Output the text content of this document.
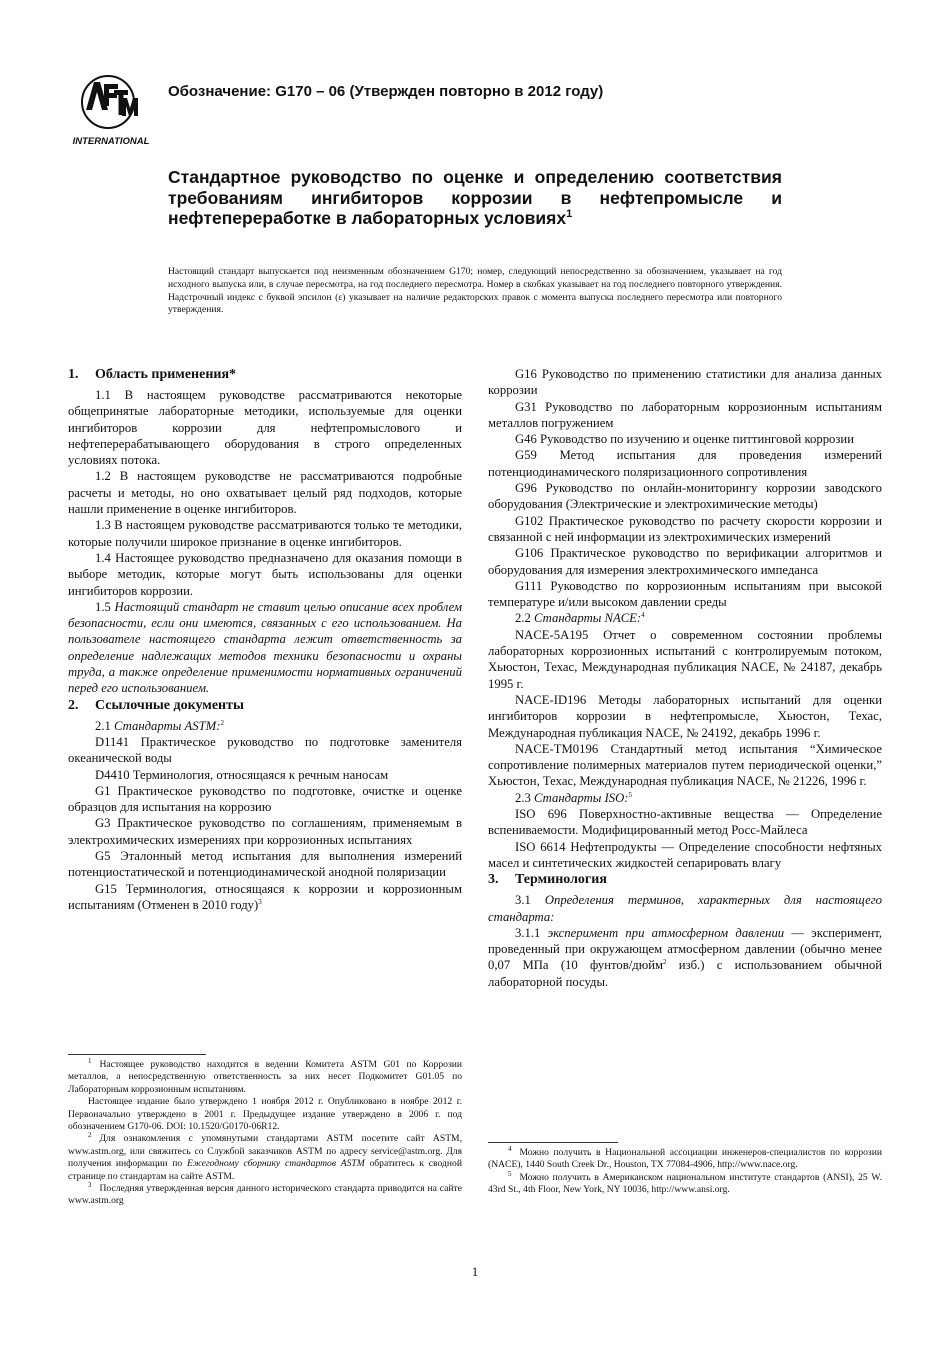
INTERNATIONAL
Обозначение: G170 – 06 (Утвержден повторно в 2012 году)
Стандартное руководство по оценке и определению соответствия требованиям ингибиторов коррозии в нефтепромысле и нефтепереработке в лабораторных условиях$^1$
Настоящий стандарт выпускается под неизменным обозначением G170; номер, следующий непосредственно за обозначением, указывает на год исходного выпуска или, в случае пересмотра, на год последнего пересмотра. Номер в скобках указывает на год последнего повторного утверждения. Надстрочный индекс с буквой эпсилон (ε) указывает на наличие редакторских правок с момента выпуска последнего пересмотра или повторного утверждения.
1. Область применения*
1.1 В настоящем руководстве рассматриваются некоторые общепринятые лабораторные методики, используемые для оценки ингибиторов коррозии для нефтепромыслового и нефтеперерабатывающего оборудования в строго определенных условиях потока.
1.2 В настоящем руководстве не рассматриваются подробные расчеты и методы, но оно охватывает целый ряд подходов, которые нашли применение в оценке ингибиторов.
1.3 В настоящем руководстве рассматриваются только те методики, которые получили широкое признание в оценке ингибиторов.
1.4 Настоящее руководство предназначено для оказания помощи в выборе методик, которые могут быть использованы для оценки ингибиторов коррозии.
1.5 Настоящий стандарт не ставит целью описание всех проблем безопасности, если они имеются, связанных с его использованием. На пользователе настоящего стандарта лежит ответственность за определение надлежащих методов техники безопасности и охраны труда, а также определение применимости нормативных ограничений перед его использованием.
2. Ссылочные документы
2.1 Стандарты ASTM:$^2$
D1141 Практическое руководство по подготовке заменителя океанической воды
D4410 Терминология, относящаяся к речным наносам
G1 Практическое руководство по подготовке, очистке и оценке образцов для испытания на коррозию
G3 Практическое руководство по соглашениям, применяемым в электрохимических измерениях при коррозионных испытаниях
G5 Эталонный метод испытания для выполнения измерений потенциостатической и потенциодинамической анодной поляризации
G15 Терминология, относящаяся к коррозии и коррозионным испытаниям (Отменен в 2010 году)$^3$
G16 Руководство по применению статистики для анализа данных коррозии
G31 Руководство по лабораторным коррозионным испытаниям металлов погружением
G46 Руководство по изучению и оценке питтинговой коррозии
G59 Метод испытания для проведения измерений потенциодинамического поляризационного сопротивления
G96 Руководство по онлайн-мониторингу коррозии заводского оборудования (Электрические и электрохимические методы)
G102 Практическое руководство по расчету скорости коррозии и связанной с ней информации из электрохимических измерений
G106 Практическое руководство по верификации алгоритмов и оборудования для измерения электрохимического импеданса
G111 Руководство по коррозионным испытаниям при высокой температуре и/или высоком давлении среды
2.2 Стандарты NACE:$^4$
NACE-5A195 Отчет о современном состоянии проблемы лабораторных коррозионных испытаний с контролируемым потоком, Хьюстон, Техас, Международная публикация NACE, № 24187, декабрь 1995 г.
NACE-ID196 Методы лабораторных испытаний для оценки ингибиторов коррозии в нефтепромысле, Хьюстон, Техас, Международная публикация NACE, № 24192, декабрь 1996 г.
NACE-TM0196 Стандартный метод испытания “Химическое сопротивление полимерных материалов путем периодической оценки,” Хьюстон, Техас, Международная публикация NACE, № 21226, 1996 г.
2.3 Стандарты ISO:$^5$
ISO 696 Поверхностно-активные вещества — Определение вспениваемости. Модифицированный метод Росс-Майлеса
ISO 6614 Нефтепродукты — Определение способности нефтяных масел и синтетических жидкостей сепарировать влагу
3. Терминология
3.1 Определения терминов, характерных для настоящего стандарта:
3.1.1 эксперимент при атмосферном давлении — эксперимент, проведенный при окружающем атмосферном давлении (обычно менее 0,07 МПа (10 фунтов/дюйм$^2$ изб.) с использованием обычной лабораторной посуды.
$^1$ Настоящее руководство находится в ведении Комитета ASTM G01 по Коррозии металлов, а непосредственную ответственность за них несет Подкомитет G01.05 по Лабораторным коррозионным испытаниям.
Настоящее издание было утверждено 1 ноября 2012 г. Опубликовано в ноябре 2012 г. Первоначально утверждено в 2001 г. Предыдущее издание утверждено в 2006 г. под обозначением G170-06. DOI: 10.1520/G0170-06R12.
$^2$ Для ознакомления с упомянутыми стандартами ASTM посетите сайт ASTM, www.astm.org, или свяжитесь со Службой заказчиков ASTM по адресу service@astm.org. Для получения информации по Ежегодному сборнику стандартов ASTM обратитесь к сводной странице по стандартам на сайте ASTM.
$^3$ Последняя утвержденная версия данного исторического стандарта приводится на сайте www.astm.org
$^4$ Можно получить в Национальной ассоциации инженеров-специалистов по коррозии (NACE), 1440 South Creek Dr., Houston, TX 77084-4906, http://www.nace.org.
$^5$ Можно получить в Американском национальном институте стандартов (ANSI), 25 W. 43rd St., 4th Floor, New York, NY 10036, http://www.ansi.org.
1
